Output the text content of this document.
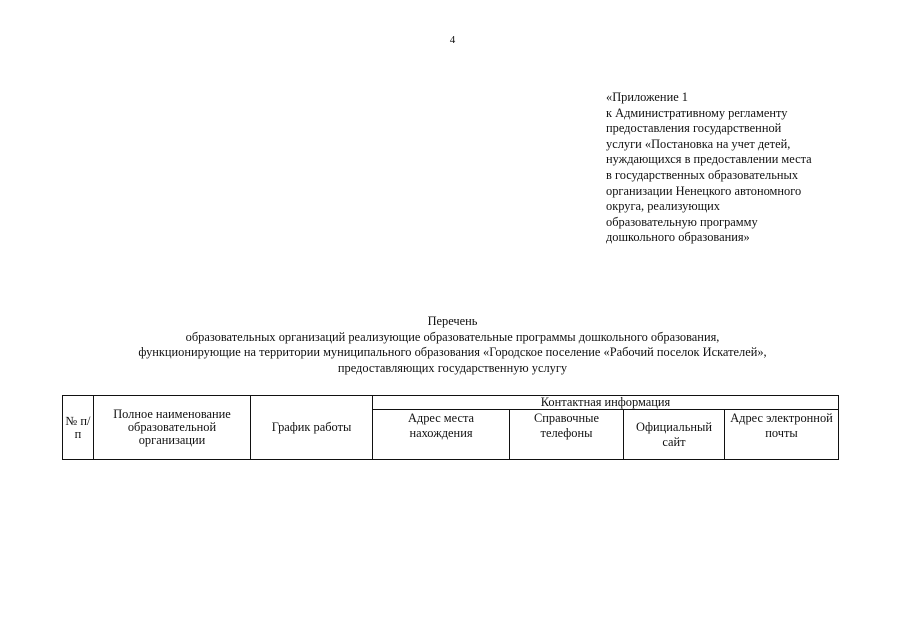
4
«Приложение 1
к Административному регламенту
предоставления государственной
услуги «Постановка на учет детей,
нуждающихся в предоставлении места
в государственных образовательных
организации Ненецкого автономного
округа, реализующих
образовательную программу
дошкольного образования»
Перечень
образовательных организаций реализующие образовательные программы дошкольного образования,
функционирующие на территории муниципального образования «Городское поселение «Рабочий поселок Искателей»,
предоставляющих государственную услугу
№ п/п	Полное наименование образовательной организации	График работы	Контактная информация			
			Адрес места нахождения	Справочные телефоны	Официальный сайт	Адрес электронной почты
